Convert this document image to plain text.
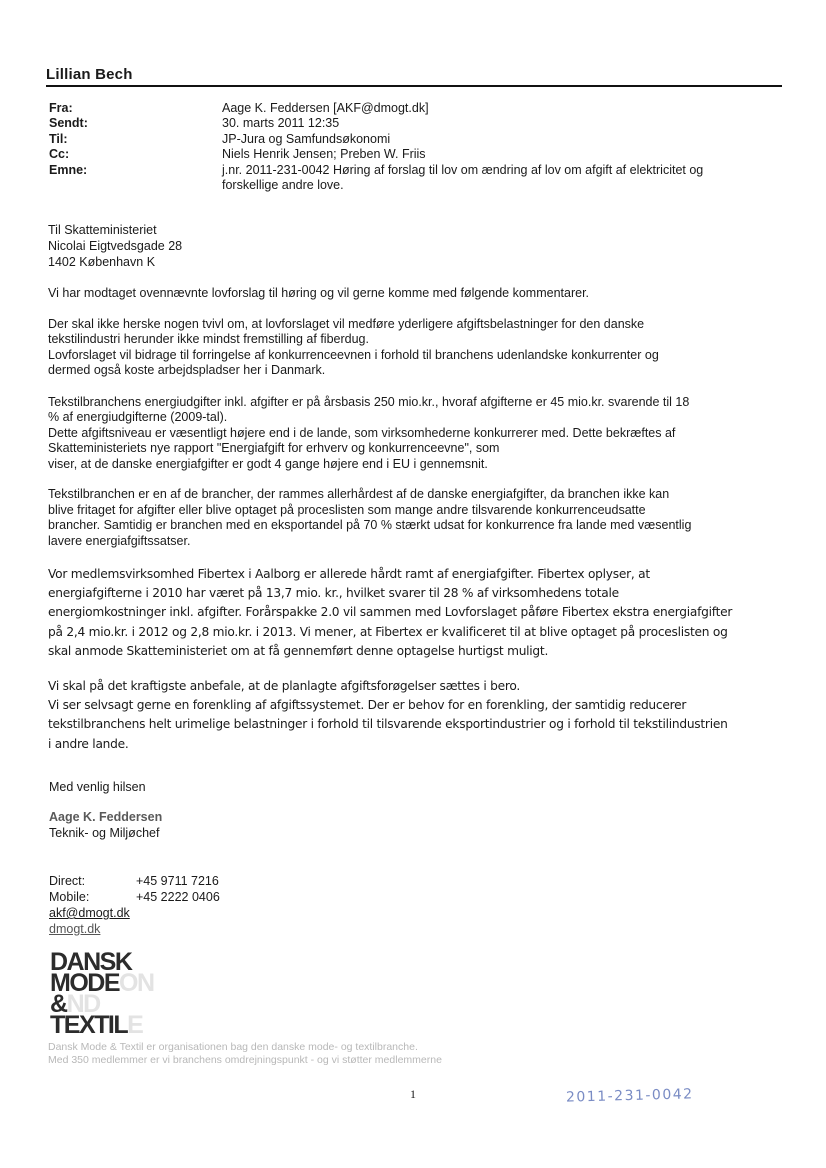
Lillian Bech
Fra:	Aage K. Feddersen [AKF@dmogt.dk]
Sendt:	30. marts 2011 12:35
Til:	JP-Jura og Samfundsøkonomi
Cc:	Niels Henrik Jensen; Preben W. Friis
Emne:	j.nr. 2011-231-0042 Høring af forslag til lov om ændring af lov om afgift af elektricitet og
forskellige andre love.
Til Skatteministeriet
Nicolai Eigtvedsgade 28
1402 København K

Vi har modtaget ovennævnte lovforslag til høring og vil gerne komme med følgende kommentarer.

Der skal ikke herske nogen tvivl om, at lovforslaget vil medføre yderligere afgiftsbelastninger for den danske

tekstilindustri herunder ikke mindst fremstilling af fiberdug.

Lovforslaget vil bidrage til forringelse af konkurrenceevnen i forhold til branchens udenlandske konkurrenter og

dermed også koste arbejdspladser her i Danmark.

Tekstilbranchens energiudgifter inkl. afgifter er på årsbasis 250 mio.kr., hvoraf afgifterne er 45 mio.kr. svarende til 18

% af energiudgifterne (2009-tal).

Dette afgiftsniveau er væsentligt højere end i de lande, som virksomhederne konkurrerer med. Dette bekræftes af

Skatteministeriets nye rapport "Energiafgift for erhverv og konkurrenceevne", som

viser, at de danske energiafgifter er godt 4 gange højere end i EU i gennemsnit.

Tekstilbranchen er en af de brancher, der rammes allerhårdest af de danske energiafgifter, da branchen ikke kan

blive fritaget for afgifter eller blive optaget på proceslisten som mange andre tilsvarende konkurrenceudsatte

brancher. Samtidig er branchen med en eksportandel på 70 % stærkt udsat for konkurrence fra lande med væsentlig

lavere energiafgiftssatser.

Vor medlemsvirksomhed Fibertex i Aalborg er allerede hårdt ramt af energiafgifter. Fibertex oplyser, at

energiafgifterne i 2010 har været på 13,7 mio. kr., hvilket svarer til 28 % af virksomhedens totale

energiomkostninger inkl. afgifter. Forårspakke 2.0 vil sammen med Lovforslaget påføre Fibertex ekstra energiafgifter

på 2,4 mio.kr. i 2012 og 2,8 mio.kr. i 2013. Vi mener, at Fibertex er kvalificeret til at blive optaget på proceslisten og

skal anmode Skatteministeriet om at få gennemført denne optagelse hurtigst muligt.

Vi skal på det kraftigste anbefale, at de planlagte afgiftsforøgelser sættes i bero.

Vi ser selvsagt gerne en forenkling af afgiftssystemet. Der er behov for en forenkling, der samtidig reducerer

tekstilbranchens helt urimelige belastninger i forhold til tilsvarende eksportindustrier og i forhold til tekstilindustrien

i andre lande.

Med venlig hilsen
Aage K. Feddersen
Teknik- og Miljøchef
Direct:	+45 9711 7216
Mobile:	+45 2222 0406
akf@dmogt.dk
dmogt.dk
DANSK
MODEON
&ND
TEXTILE
Dansk Mode & Textil er organisationen bag den danske mode- og textilbranche.
Med 350 medlemmer er vi branchens omdrejningspunkt - og vi støtter medlemmerne
1	2011-231-0042
